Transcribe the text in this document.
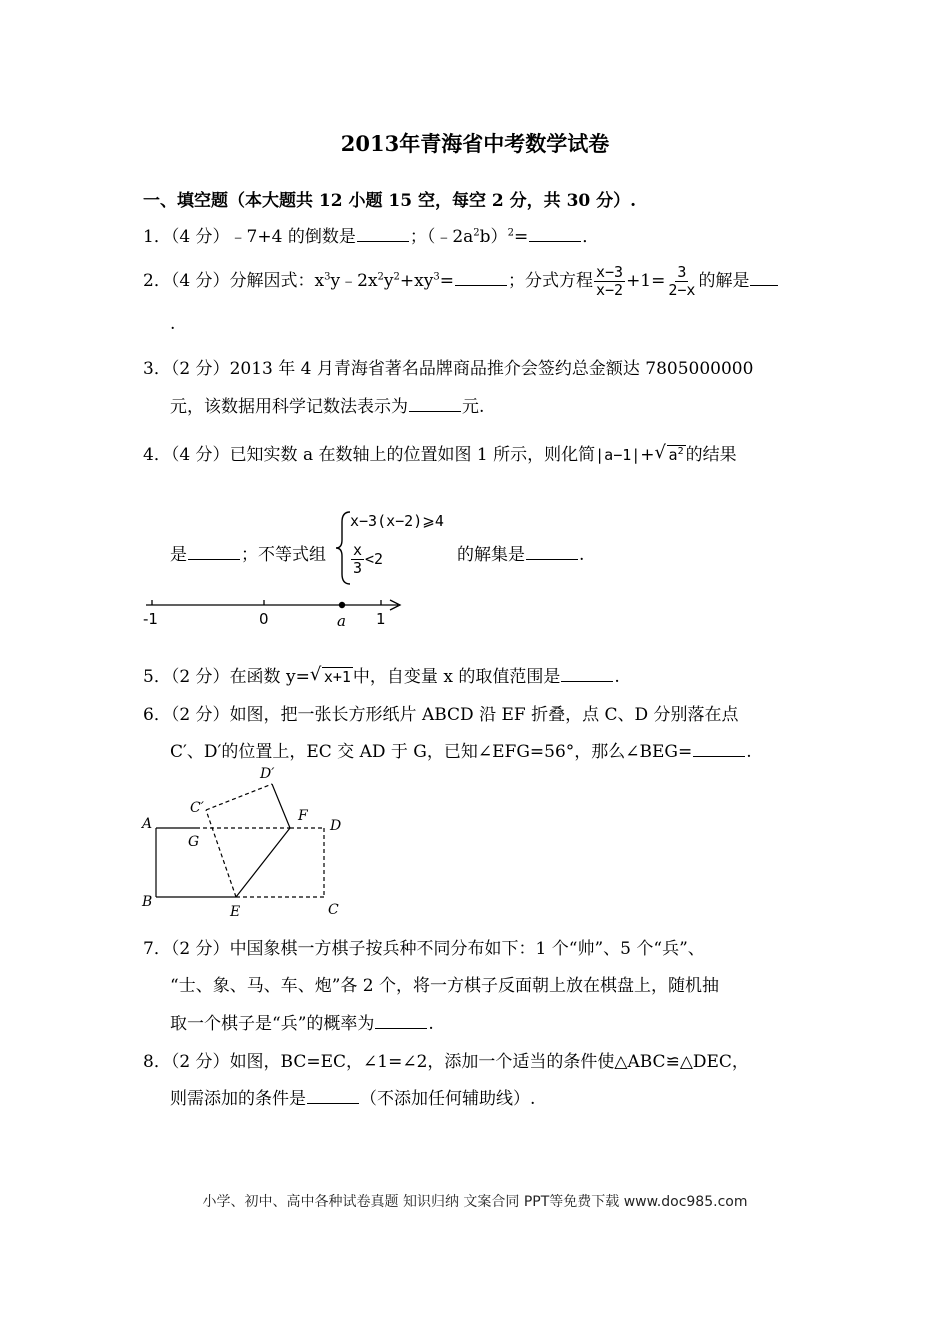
2013年青海省中考数学试卷
一、填空题（本大题共 12 小题 15 空，每空 2 分，共 30 分）.
1．（4 分）﹣7+4 的倒数是	；$(﹣2a^2b)^2=$	．
2．（4 分）分解因式：$x^3y﹣2x^2y^2+xy^3=$	；分式方程 $\frac{x-3}{x-2} +1= \frac{3}{2-x}$ 的解是
.
3．（2 分）2013 年 4 月青海省著名品牌商品推介会签约总金额达 7805000000
元，该数据用科学记数法表示为	元.
4．（4 分）已知实数 a 在数轴上的位置如图 1 所示，则化简|a−1|+ √ $a^2$ 的结果
是	；不等式组
x−3(x−2)⩾4
$\frac{x}{3} <2$	的解集是	.
-1	0	a 1
5．（2 分）在函数 y= √ x+1 中，自变量 x 的取值范围是	.
6．（2 分）如图，把一张长方形纸片 ABCD 沿 EF 折叠，点 C、D 分别落在点
C′、D′的位置上，EC 交 AD 于 G，已知∠EFG=56°，那么∠BEG=	.
A
B	C
D
E
F
G
C′
D′
7．（2 分）中国象棋一方棋子按兵种不同分布如下：1 个“帅”、5 个“兵”、
“士、象、马、车、炮”各 2 个，将一方棋子反面朝上放在棋盘上，随机抽
取一个棋子是“兵”的概率为	.
8．（2 分）如图，BC=EC，∠1=∠2，添加一个适当的条件使△ABC≌△DEC，
则需添加的条件是	（不添加任何辅助线）.
小学、初中、高中各种试卷真题 知识归纳 文案合同 PPT等免费下载 www.doc985.com
